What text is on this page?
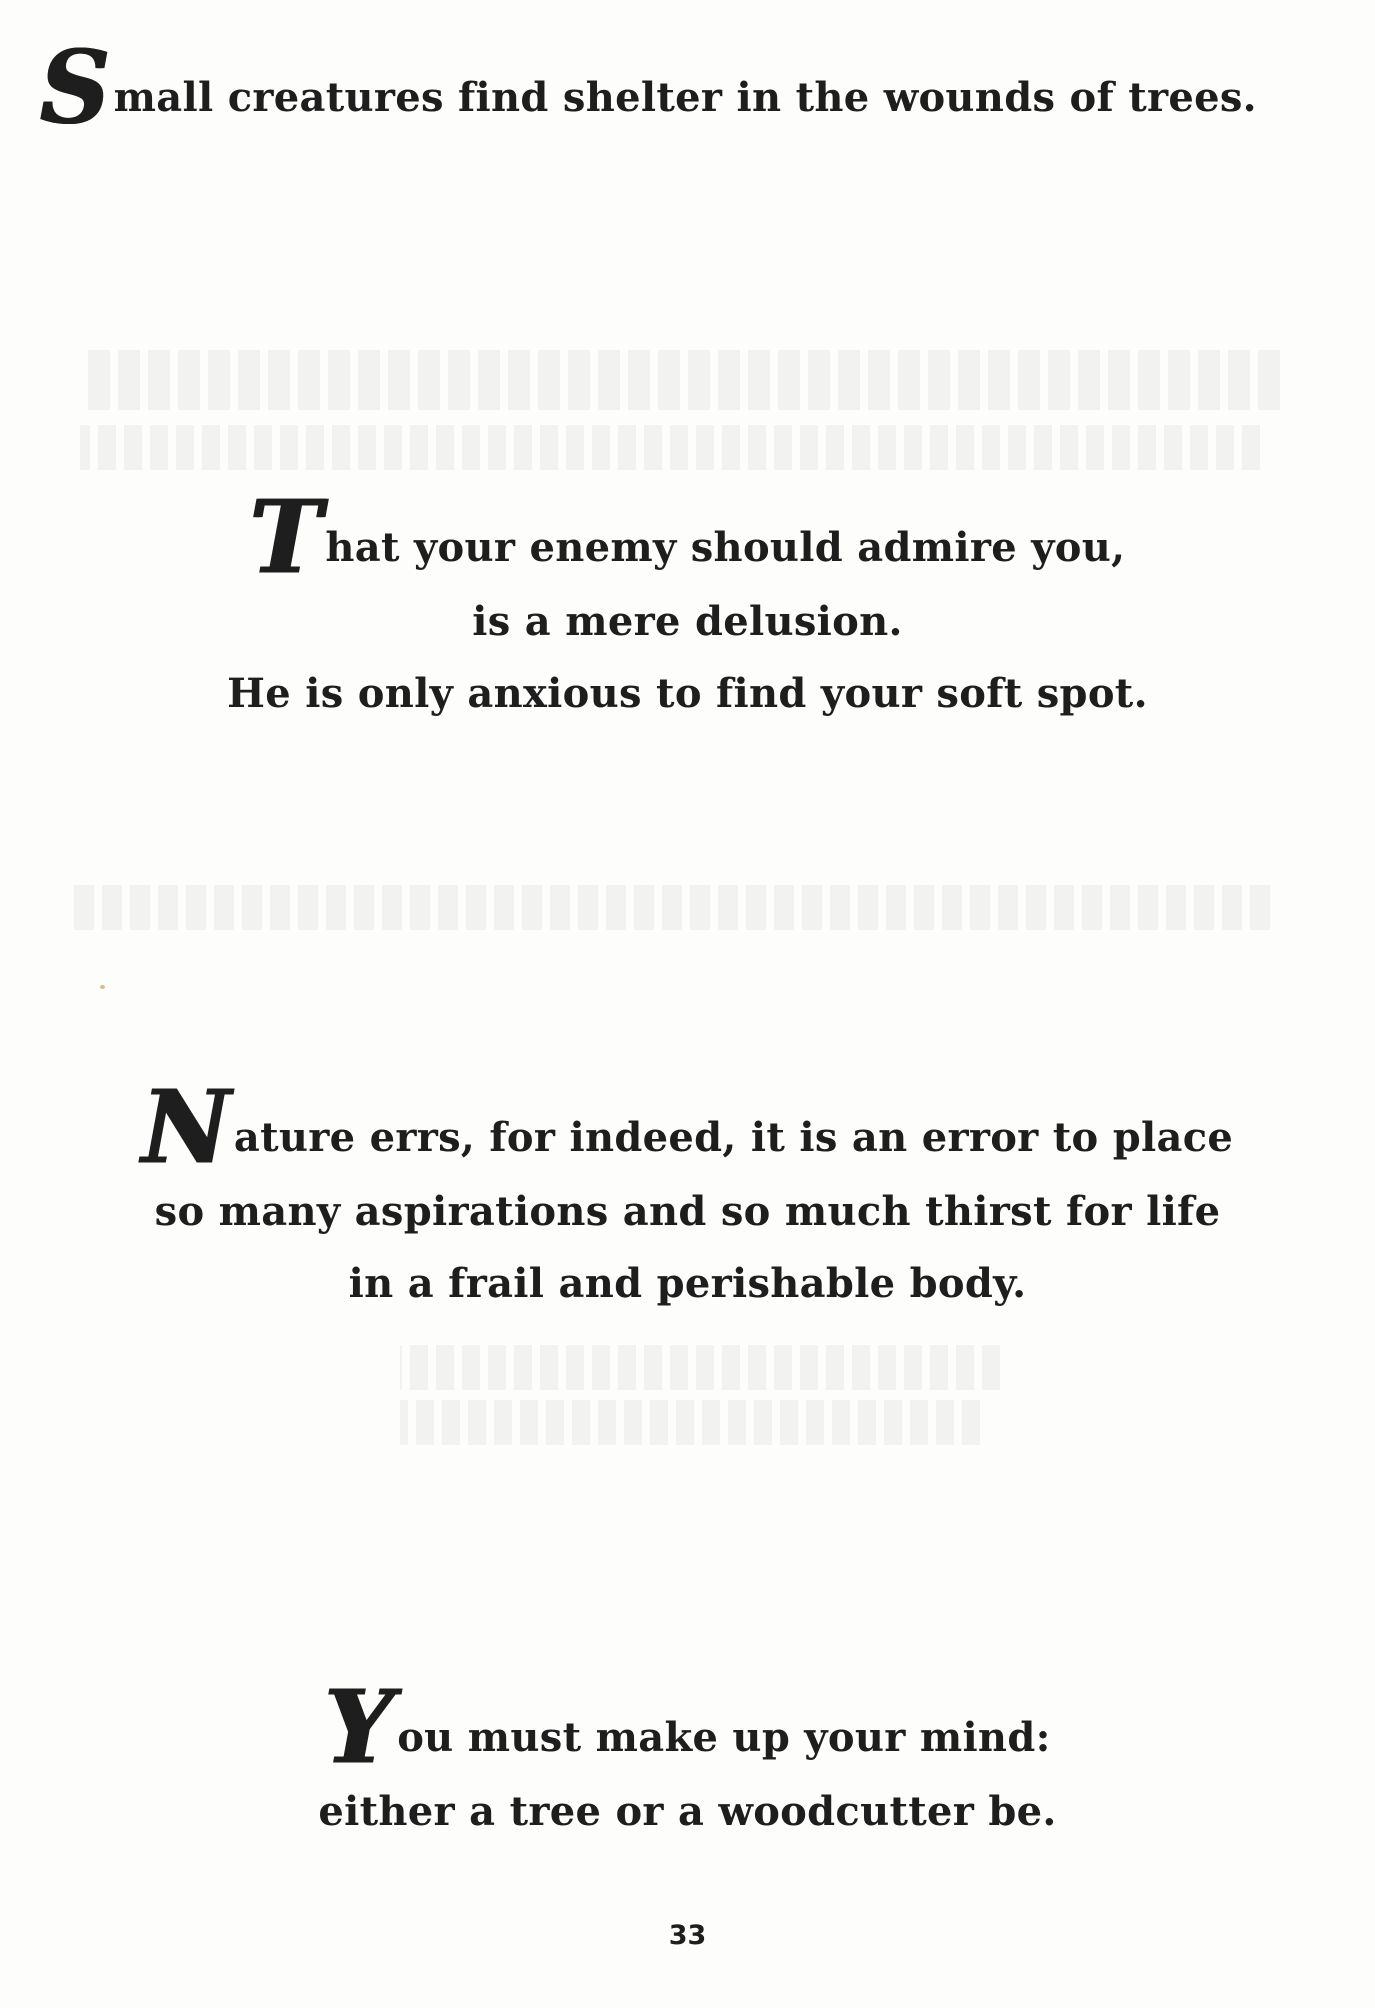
Small creatures find shelter in the wounds of trees.
That your enemy should admire you,
is a mere delusion.
He is only anxious to find your soft spot.
Nature errs, for indeed, it is an error to place
so many aspirations and so much thirst for life
in a frail and perishable body.
You must make up your mind:
either a tree or a woodcutter be.
33
